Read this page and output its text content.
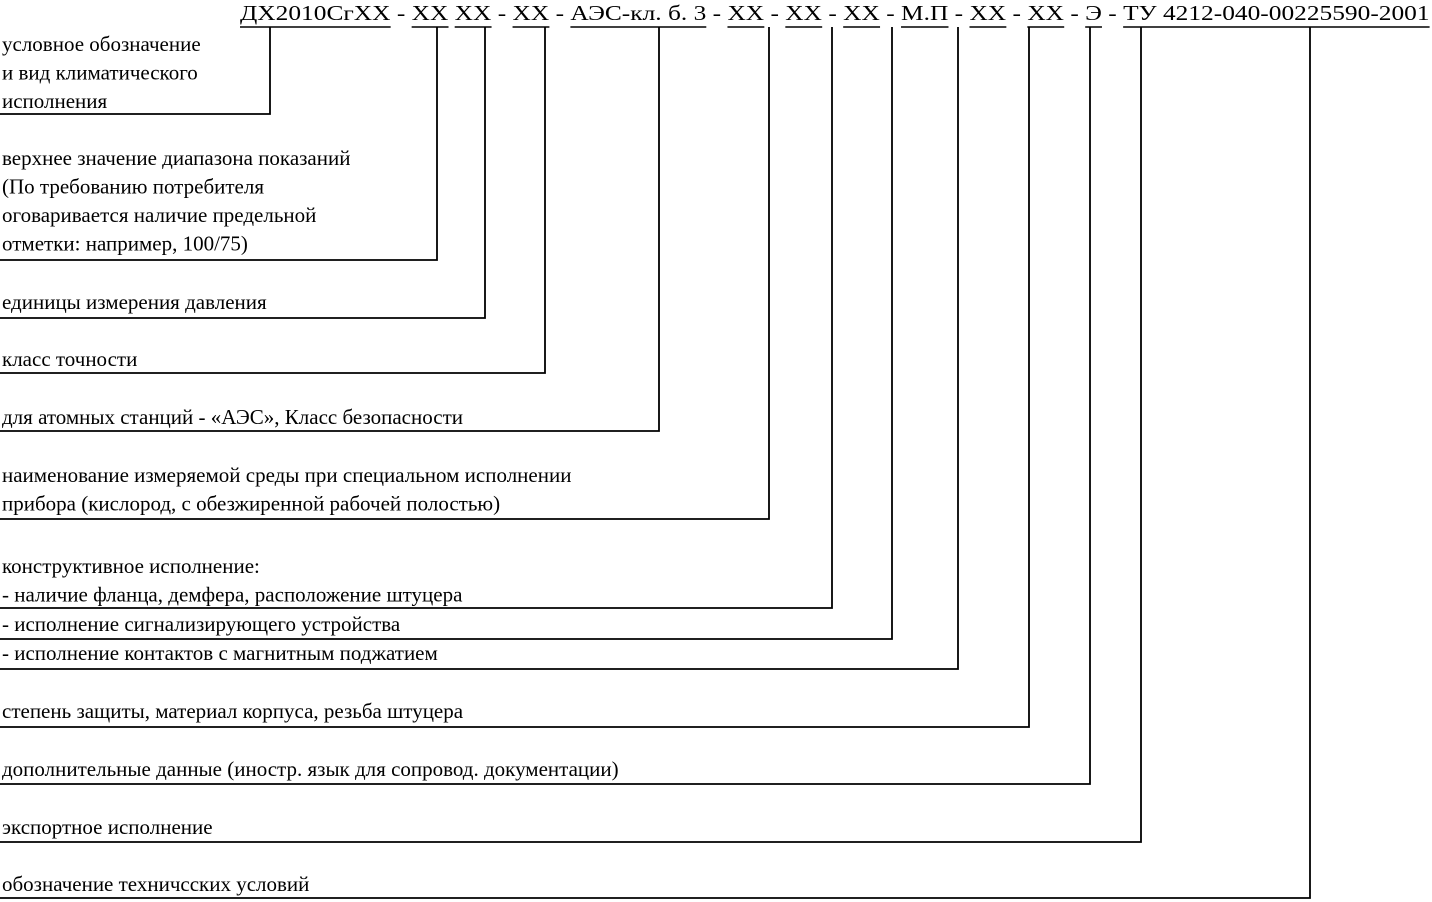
ДХ2010СгХХ - ХХ ХХ - ХХ - АЭС-кл. б. 3 - ХХ - ХХ - ХХ - М.П - ХХ - ХХ - Э - ТУ 4212-040-00225590-2001
условное обозначение и вид климатического исполнения
верхнее значение диапазона показаний (По требованию потребителя оговаривается наличие предельной отметки: например, 100/75)
единицы измерения давления
класс точности
для атомных станций - «АЭС», Класс безопасности
наименование измеряемой среды при специальном исполнении прибора (кислород, с обезжиренной рабочей полостью)
конструктивное исполнение: - наличие фланца, демфера, расположение штуцера
- исполнение сигнализирующего устройства
- исполнение контактов с магнитным поджатием
степень защиты, материал корпуса, резьба штуцера
дополнительные данные (иностр. язык для сопровод. документации)
экспортное исполнение
обозначение техничсских условий
